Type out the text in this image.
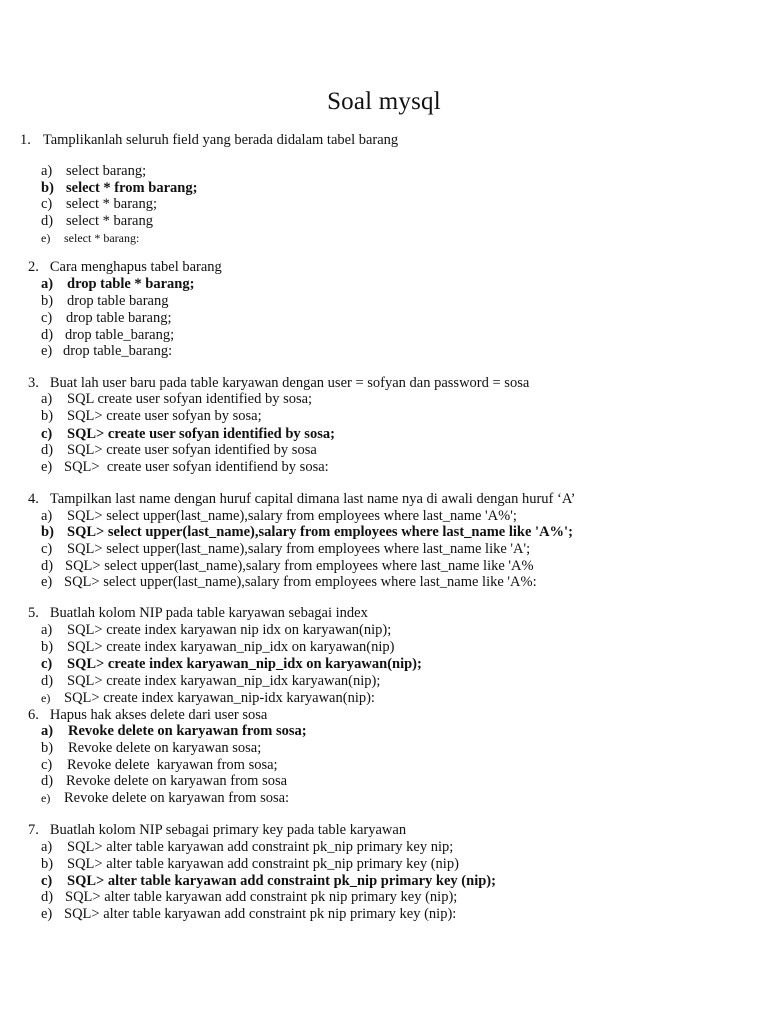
Soal mysql
1. Tamplikanlah seluruh field yang berada didalam tabel barang
a) select barang;
b) select * from barang;
c) select * barang;
d) select * barang
e) select * barang:
2. Cara menghapus tabel barang
a) drop table * barang;
b) drop table barang
c) drop table barang;
d) drop table_barang;
e) drop table_barang:
3. Buat lah user baru pada table karyawan dengan user = sofyan dan password = sosa
a) SQL create user sofyan identified by sosa;
b) SQL> create user sofyan by sosa;
c) SQL> create user sofyan identified by sosa;
d) SQL> create user sofyan identified by sosa
e) SQL>  create user sofyan identifiend by sosa:
4. Tampilkan last name dengan huruf capital dimana last name nya di awali dengan huruf ‘A’
a) SQL> select upper(last_name),salary from employees where last_name 'A%';
b) SQL> select upper(last_name),salary from employees where last_name like 'A%';
c) SQL> select upper(last_name),salary from employees where last_name like 'A';
d) SQL> select upper(last_name),salary from employees where last_name like 'A%
e) SQL> select upper(last_name),salary from employees where last_name like 'A%:
5. Buatlah kolom NIP pada table karyawan sebagai index
a) SQL> create index karyawan nip idx on karyawan(nip);
b) SQL> create index karyawan_nip_idx on karyawan(nip)
c) SQL> create index karyawan_nip_idx on karyawan(nip);
d) SQL> create index karyawan_nip_idx karyawan(nip);
e) SQL> create index karyawan_nip-idx karyawan(nip):
6. Hapus hak akses delete dari user sosa
a) Revoke delete on karyawan from sosa;
b) Revoke delete on karyawan sosa;
c) Revoke delete  karyawan from sosa;
d) Revoke delete on karyawan from sosa
e) Revoke delete on karyawan from sosa:
7. Buatlah kolom NIP sebagai primary key pada table karyawan
a) SQL> alter table karyawan add constraint pk_nip primary key nip;
b) SQL> alter table karyawan add constraint pk_nip primary key (nip)
c) SQL> alter table karyawan add constraint pk_nip primary key (nip);
d) SQL> alter table karyawan add constraint pk nip primary key (nip);
e) SQL> alter table karyawan add constraint pk nip primary key (nip):
